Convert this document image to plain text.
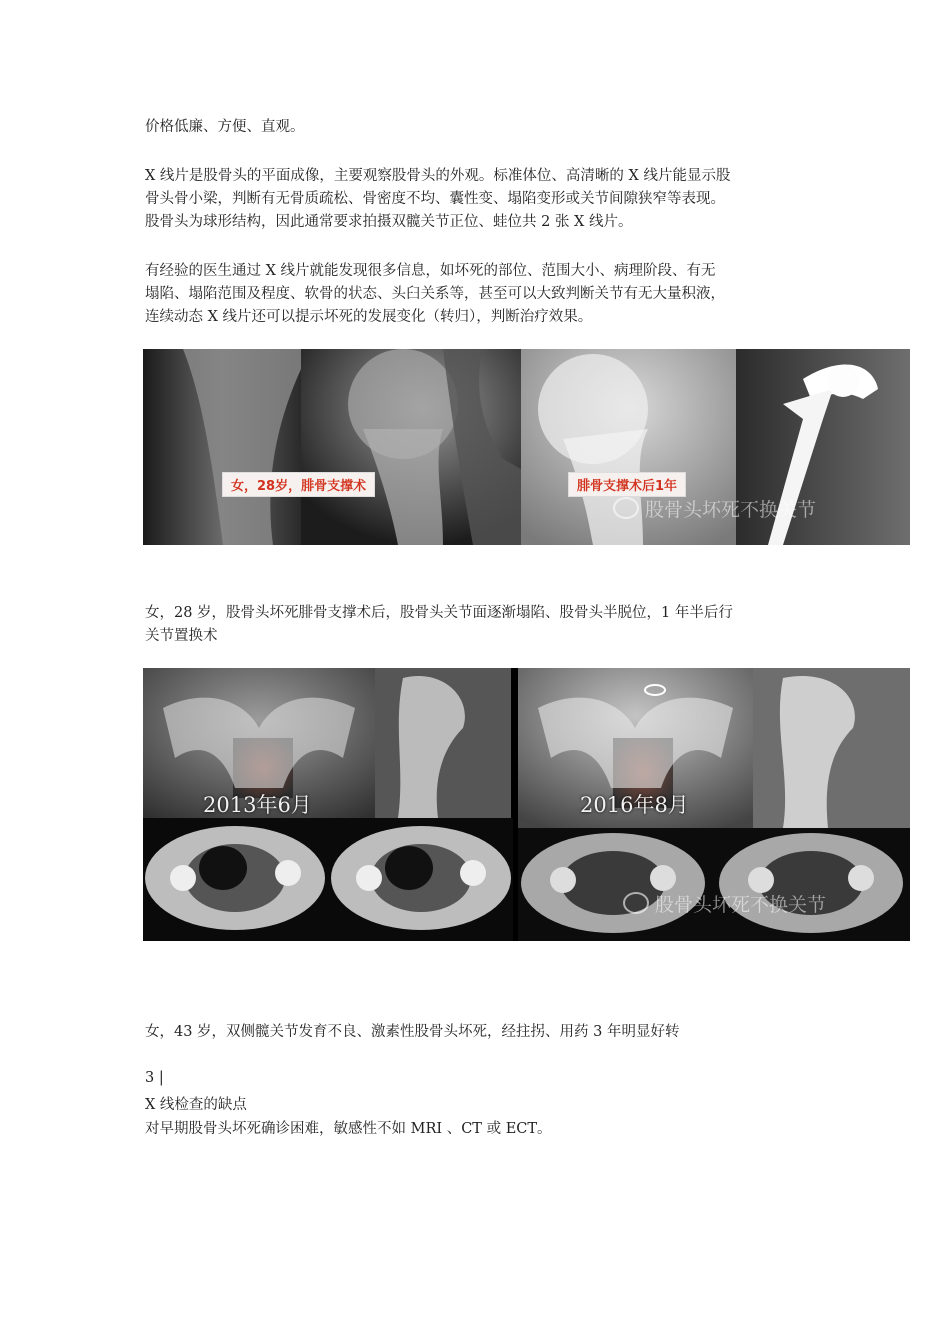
价格低廉、方便、直观。
X 线片是股骨头的平面成像，主要观察股骨头的外观。标准体位、高清晰的 X 线片能显示股
骨头骨小梁，判断有无骨质疏松、骨密度不均、囊性变、塌陷变形或关节间隙狭窄等表现。
股骨头为球形结构，因此通常要求拍摄双髋关节正位、蛙位共 2 张 X 线片。
有经验的医生通过 X 线片就能发现很多信息，如坏死的部位、范围大小、病理阶段、有无
塌陷、塌陷范围及程度、软骨的状态、头臼关系等，甚至可以大致判断关节有无大量积液，
连续动态 X 线片还可以提示坏死的发展变化（转归），判断治疗效果。
女，28岁，腓骨支撑术	腓骨支撑术后1年
股骨头坏死不换关节
女，28 岁，股骨头坏死腓骨支撑术后，股骨头关节面逐渐塌陷、股骨头半脱位，1 年半后行
关节置换术
2013年6月	2016年8月
股骨头坏死不换关节
女，43 岁，双侧髋关节发育不良、激素性股骨头坏死，经拄拐、用药 3 年明显好转
3 |
X 线检查的缺点
对早期股骨头坏死确诊困难，敏感性不如 MRI 、CT 或 ECT。
